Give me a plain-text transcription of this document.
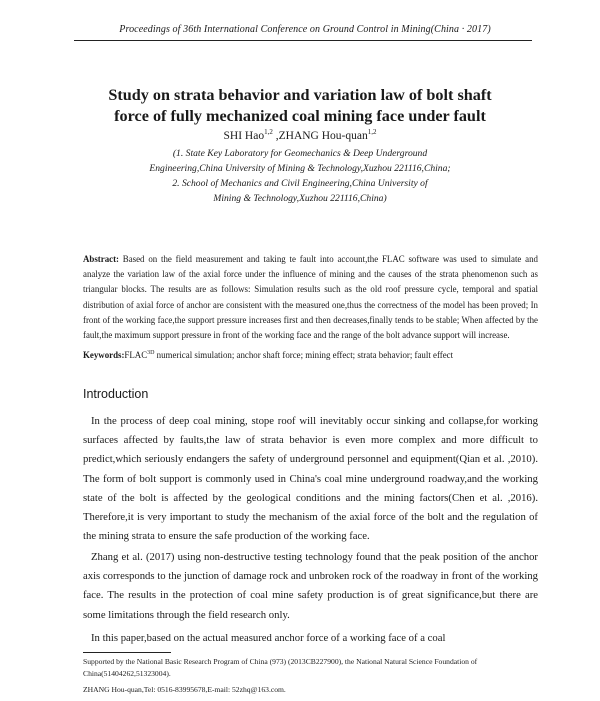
Proceedings of 36th International Conference on Ground Control in Mining(China · 2017)
Study on strata behavior and variation law of bolt shaft
force of fully mechanized coal mining face under fault
SHI Hao$^{1,2}$ ,ZHANG Hou-quan$^{1,2}$
(1. State Key Laboratory for Geomechanics & Deep Underground
Engineering,China University of Mining & Technology,Xuzhou 221116,China;
2. School of Mechanics and Civil Engineering,China University of
Mining & Technology,Xuzhou 221116,China)
Abstract: Based on the field measurement and taking te fault into account,the FLAC software was used to simulate and analyze the variation law of the axial force under the influence of mining and the causes of the strata phenomenon such as triangular blocks. The results are as follows: Simulation results such as the old roof pressure cycle, temporal and spatial distribution of axial force of anchor are consistent with the measured one,thus the correctness of the model has been proved; In front of the working face,the support pressure increases first and then decreases,finally tends to be stable; When affected by the fault,the maximum support pressure in front of the working face and the range of the bolt advance support will increase.
$Keywords:FLAC^{3D}$ numerical simulation; anchor shaft force; mining effect; strata behavior; fault effect
Introduction
In the process of deep coal mining, stope roof will inevitably occur sinking and collapse,for working surfaces affected by faults,the law of strata behavior is even more complex and more difficult to predict,which seriously endangers the safety of underground personnel and equipment(Qian et al. ,2010). The form of bolt support is commonly used in China's coal mine underground roadway,and the working state of the bolt is affected by the geological conditions and the mining factors(Chen et al. ,2016). Therefore,it is very important to study the mechanism of the axial force of the bolt and the regulation of the mining strata to ensure the safe production of the working face.
Zhang et al. (2017) using non-destructive testing technology found that the peak position of the anchor axis corresponds to the junction of damage rock and unbroken rock of the roadway in front of the working face. The results in the protection of coal mine safety production is of great significance,but there are some limitations through the field research only.
In this paper,based on the actual measured anchor force of a working face of a coal
Supported by the National Basic Research Program of China (973) (2013CB227900), the National Natural Science Foundation of China(51404262,51323004).
ZHANG Hou-quan,Tel: 0516-83995678,E-mail: 52zhq@163.com.
